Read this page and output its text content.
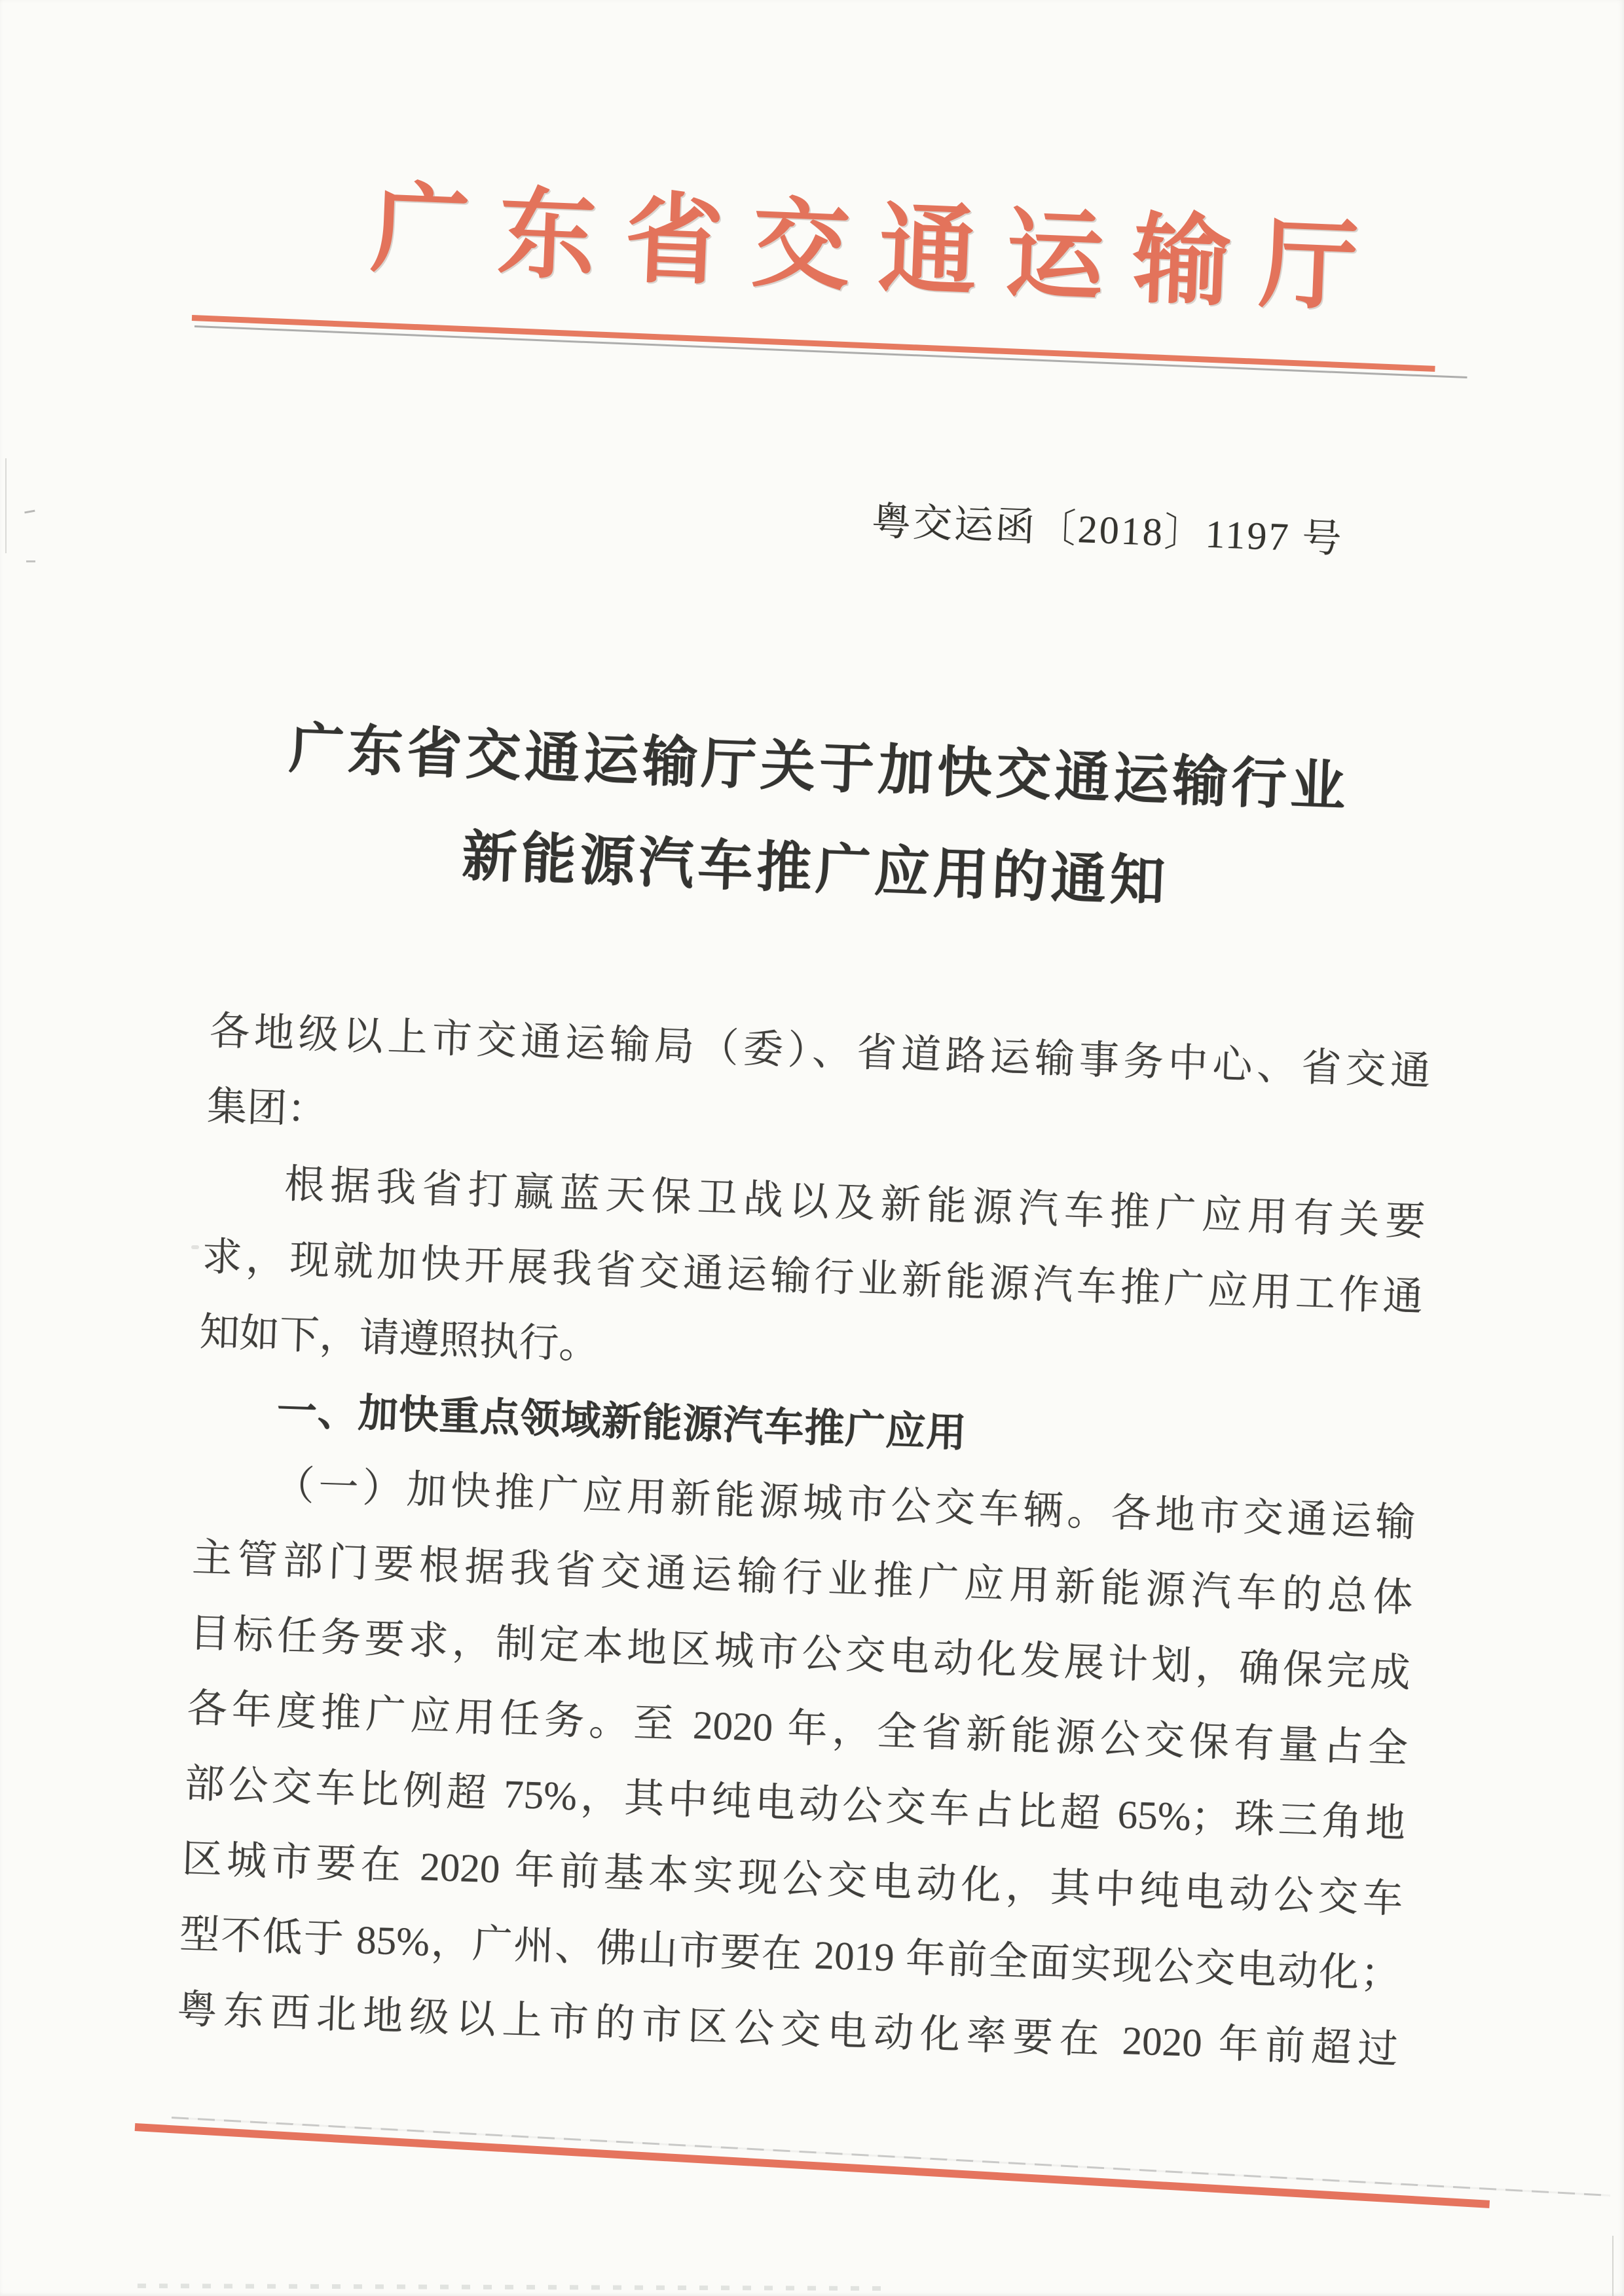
广东省交通运输厅
粤交运函〔2018〕1197 号
广东省交通运输厅关于加快交通运输行业
新能源汽车推广应用的通知
各地级以上市交通运输局（委）、省道路运输事务中心、省交通
集团：
根据我省打赢蓝天保卫战以及新能源汽车推广应用有关要
求，现就加快开展我省交通运输行业新能源汽车推广应用工作通
知如下，请遵照执行。
一、加快重点领域新能源汽车推广应用
（一）加快推广应用新能源城市公交车辆。各地市交通运输
主管部门要根据我省交通运输行业推广应用新能源汽车的总体
目标任务要求，制定本地区城市公交电动化发展计划，确保完成
各年度推广应用任务。至 2020 年，全省新能源公交保有量占全
部公交车比例超 75%，其中纯电动公交车占比超 65%；珠三角地
区城市要在 2020 年前基本实现公交电动化，其中纯电动公交车
型不低于 85%，广州、佛山市要在 2019 年前全面实现公交电动化；
粤东西北地级以上市的市区公交电动化率要在 2020 年前超过
